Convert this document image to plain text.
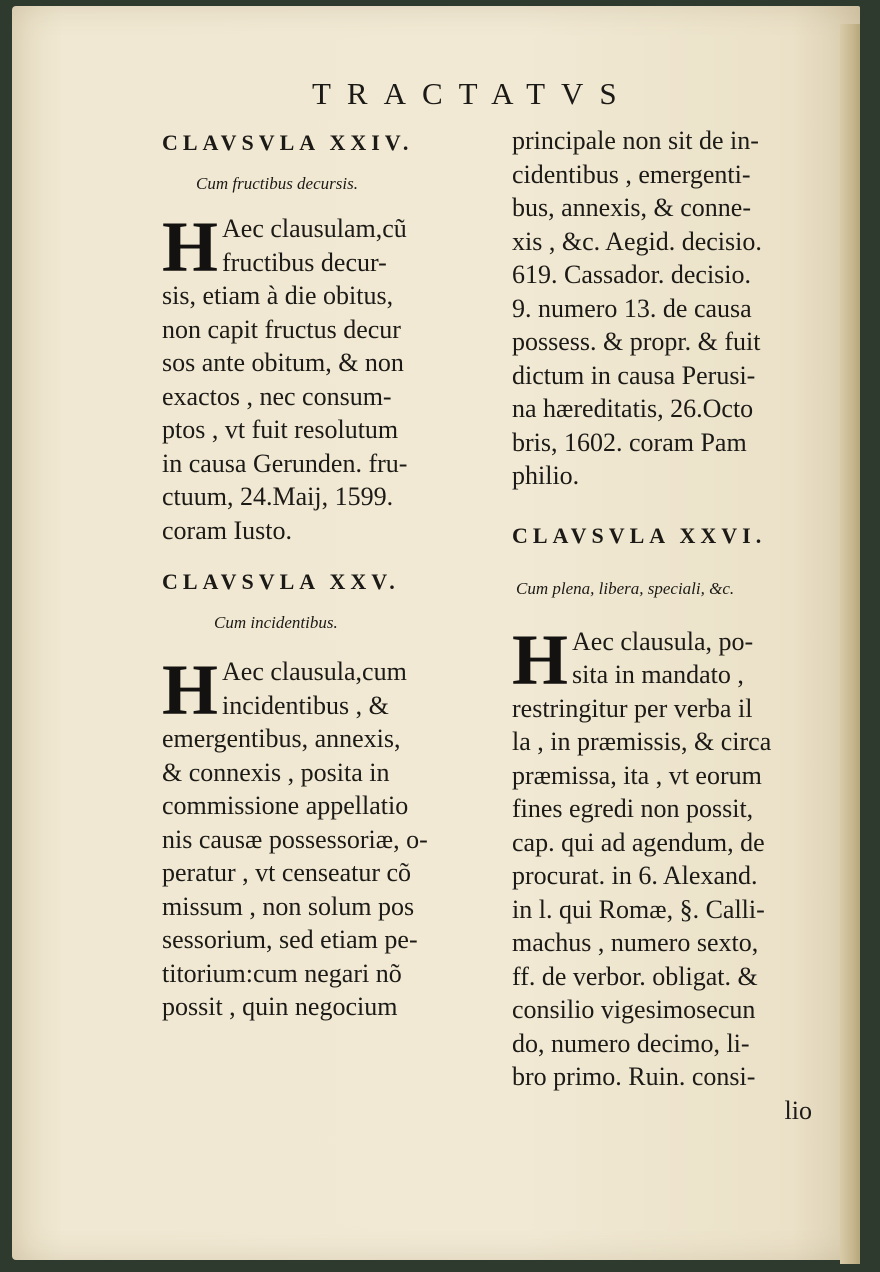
TRACTATVS

CLAVSVLA XXIV.

Cum fructibus decursis.

H Aec clausulam,cũ

fructibus decur-

sis, etiam à die obitus,

non capit fructus decur

sos ante obitum, & non

exactos , nec consum-

ptos , vt fuit resolutum

in causa Gerunden. fru-

ctuum, 24.Maij, 1599.

coram Iusto.

CLAVSVLA XXV.

Cum incidentibus.

H Aec clausula,cum

incidentibus , &

emergentibus, annexis,

& connexis , posita in

commissione appellatio

nis causæ possessoriæ, o-

peratur , vt censeatur cõ

missum , non solum pos

sessorium, sed etiam pe-

titorium:cum negari nõ

possit , quin negocium

principale non sit de in-

cidentibus , emergenti-

bus, annexis, & conne-

xis , &c. Aegid. decisio.

619. Cassador. decisio.

9. numero 13. de causa

possess. & propr. & fuit

dictum in causa Perusi-

na hæreditatis, 26.Octo

bris, 1602. coram Pam

philio.

CLAVSVLA XXVI.

Cum plena, libera, speciali, &c.

H Aec clausula, po-

sita in mandato ,

restringitur per verba il

la , in præmissis, & circa

præmissa, ita , vt eorum

fines egredi non possit,

cap. qui ad agendum, de

procurat. in 6. Alexand.

in l. qui Romæ, §. Calli-

machus , numero sexto,

ff. de verbor. obligat. &

consilio vigesimosecun

do, numero decimo, li-

bro primo. Ruin. consi-

lio
